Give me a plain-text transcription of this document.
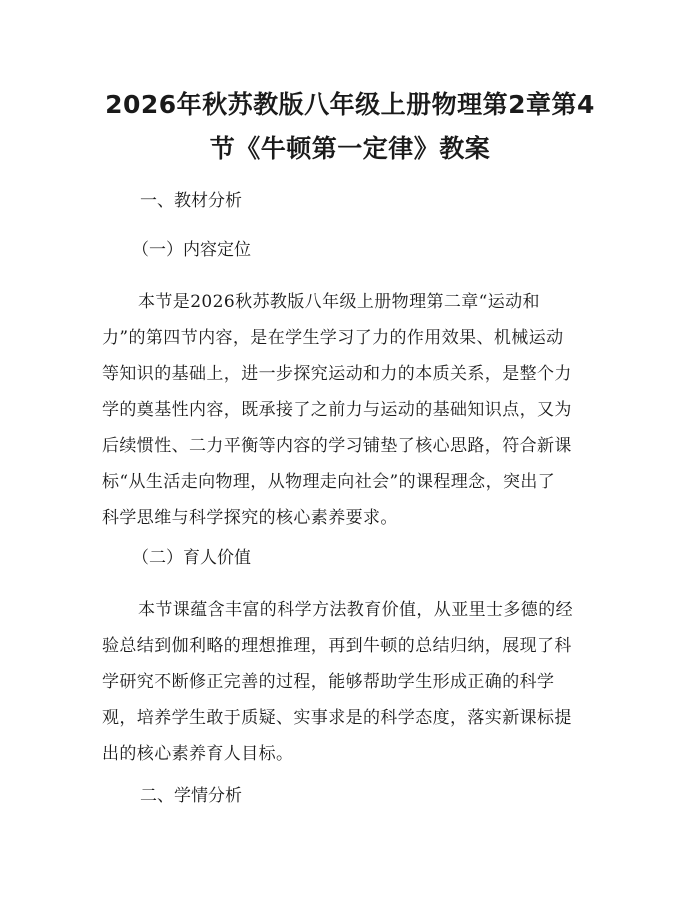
2026年秋苏教版八年级上册物理第2章第4
节《牛顿第一定律》教案
一、教材分析
（一）内容定位
本节是2026秋苏教版八年级上册物理第二章“运动和
力”的第四节内容，是在学生学习了力的作用效果、机械运动
等知识的基础上，进一步探究运动和力的本质关系，是整个力
学的奠基性内容，既承接了之前力与运动的基础知识点，又为
后续惯性、二力平衡等内容的学习铺垫了核心思路，符合新课
标“从生活走向物理，从物理走向社会”的课程理念，突出了
科学思维与科学探究的核心素养要求。
（二）育人价值
本节课蕴含丰富的科学方法教育价值，从亚里士多德的经
验总结到伽利略的理想推理，再到牛顿的总结归纳，展现了科
学研究不断修正完善的过程，能够帮助学生形成正确的科学
观，培养学生敢于质疑、实事求是的科学态度，落实新课标提
出的核心素养育人目标。
二、学情分析
